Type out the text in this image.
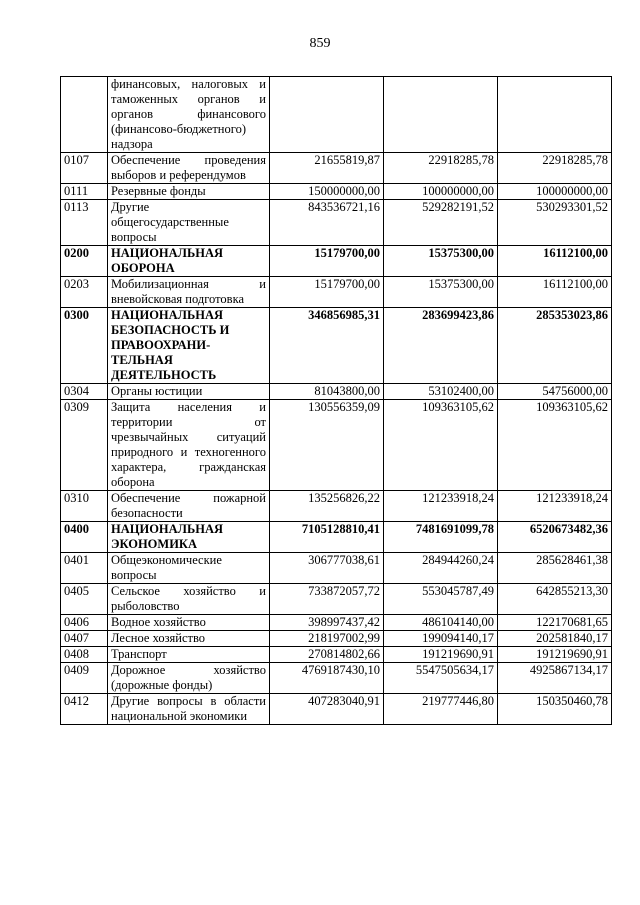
859
	финансовых, налоговых и таможенных органов и органов финансового (финансово-бюджетного) надзора			
0107	Обеспечение проведения выборов и референдумов	21655819,87	22918285,78	22918285,78
0111	Резервные фонды	150000000,00	100000000,00	100000000,00
0113	Другие общегосударственные вопросы	843536721,16	529282191,52	530293301,52
0200	НАЦИОНАЛЬНАЯ ОБОРОНА	15179700,00	15375300,00	16112100,00
0203	Мобилизационная и вневойсковая подготовка	15179700,00	15375300,00	16112100,00
0300	НАЦИОНАЛЬНАЯ БЕЗОПАСНОСТЬ И ПРАВООХРАНИ-ТЕЛЬНАЯ ДЕЯТЕЛЬНОСТЬ	346856985,31	283699423,86	285353023,86
0304	Органы юстиции	81043800,00	53102400,00	54756000,00
0309	Защита населения и территории от чрезвычайных ситуаций природного и техногенного характера, гражданская оборона	130556359,09	109363105,62	109363105,62
0310	Обеспечение пожарной безопасности	135256826,22	121233918,24	121233918,24
0400	НАЦИОНАЛЬНАЯ ЭКОНОМИКА	7105128810,41	7481691099,78	6520673482,36
0401	Общеэкономические вопросы	306777038,61	284944260,24	285628461,38
0405	Сельское хозяйство и рыболовство	733872057,72	553045787,49	642855213,30
0406	Водное хозяйство	398997437,42	486104140,00	122170681,65
0407	Лесное хозяйство	218197002,99	199094140,17	202581840,17
0408	Транспорт	270814802,66	191219690,91	191219690,91
0409	Дорожное хозяйство (дорожные фонды)	4769187430,10	5547505634,17	4925867134,17
0412	Другие вопросы в области национальной экономики	407283040,91	219777446,80	150350460,78
